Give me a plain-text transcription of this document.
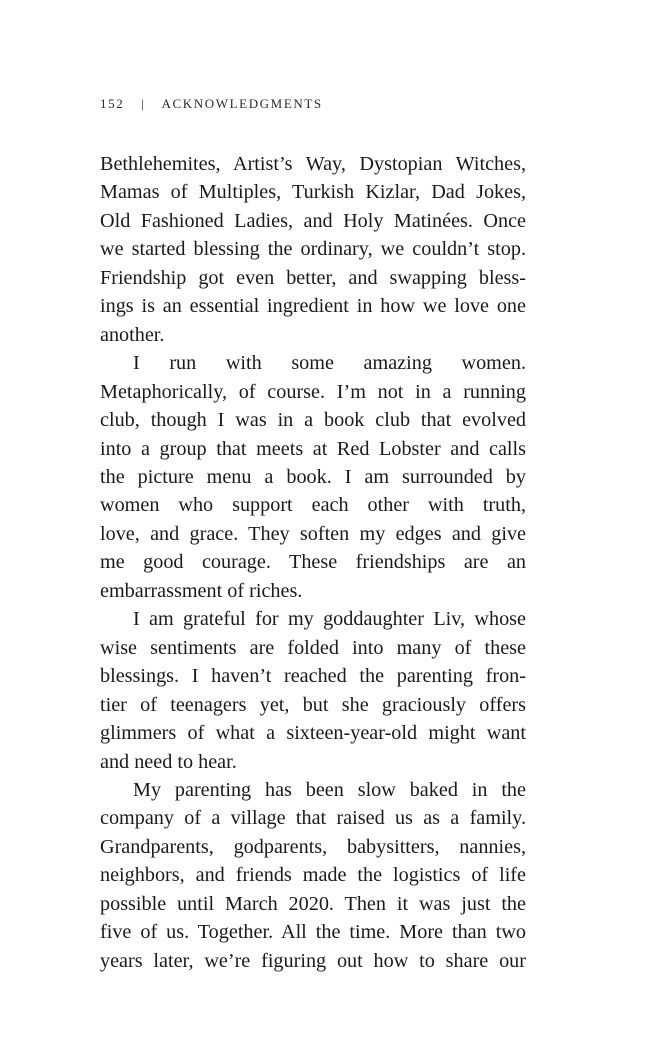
152 | ACKNOWLEDGMENTS
Bethlehemites, Artist’s Way, Dystopian Witches,
Mamas of Multiples, Turkish Kizlar, Dad Jokes,
Old Fashioned Ladies, and Holy Matinées. Once
we started blessing the ordinary, we couldn’t stop.
Friendship got even better, and swapping bless-
ings is an essential ingredient in how we love one
another.
I run with some amazing women.
Metaphorically, of course. I’m not in a running
club, though I was in a book club that evolved
into a group that meets at Red Lobster and calls
the picture menu a book. I am surrounded by
women who support each other with truth,
love, and grace. They soften my edges and give
me good courage. These friendships are an
embarrassment of riches.
I am grateful for my goddaughter Liv, whose
wise sentiments are folded into many of these
blessings. I haven’t reached the parenting fron-
tier of teenagers yet, but she graciously offers
glimmers of what a sixteen-year-old might want
and need to hear.
My parenting has been slow baked in the
company of a village that raised us as a family.
Grandparents, godparents, babysitters, nannies,
neighbors, and friends made the logistics of life
possible until March 2020. Then it was just the
five of us. Together. All the time. More than two
years later, we’re figuring out how to share our
